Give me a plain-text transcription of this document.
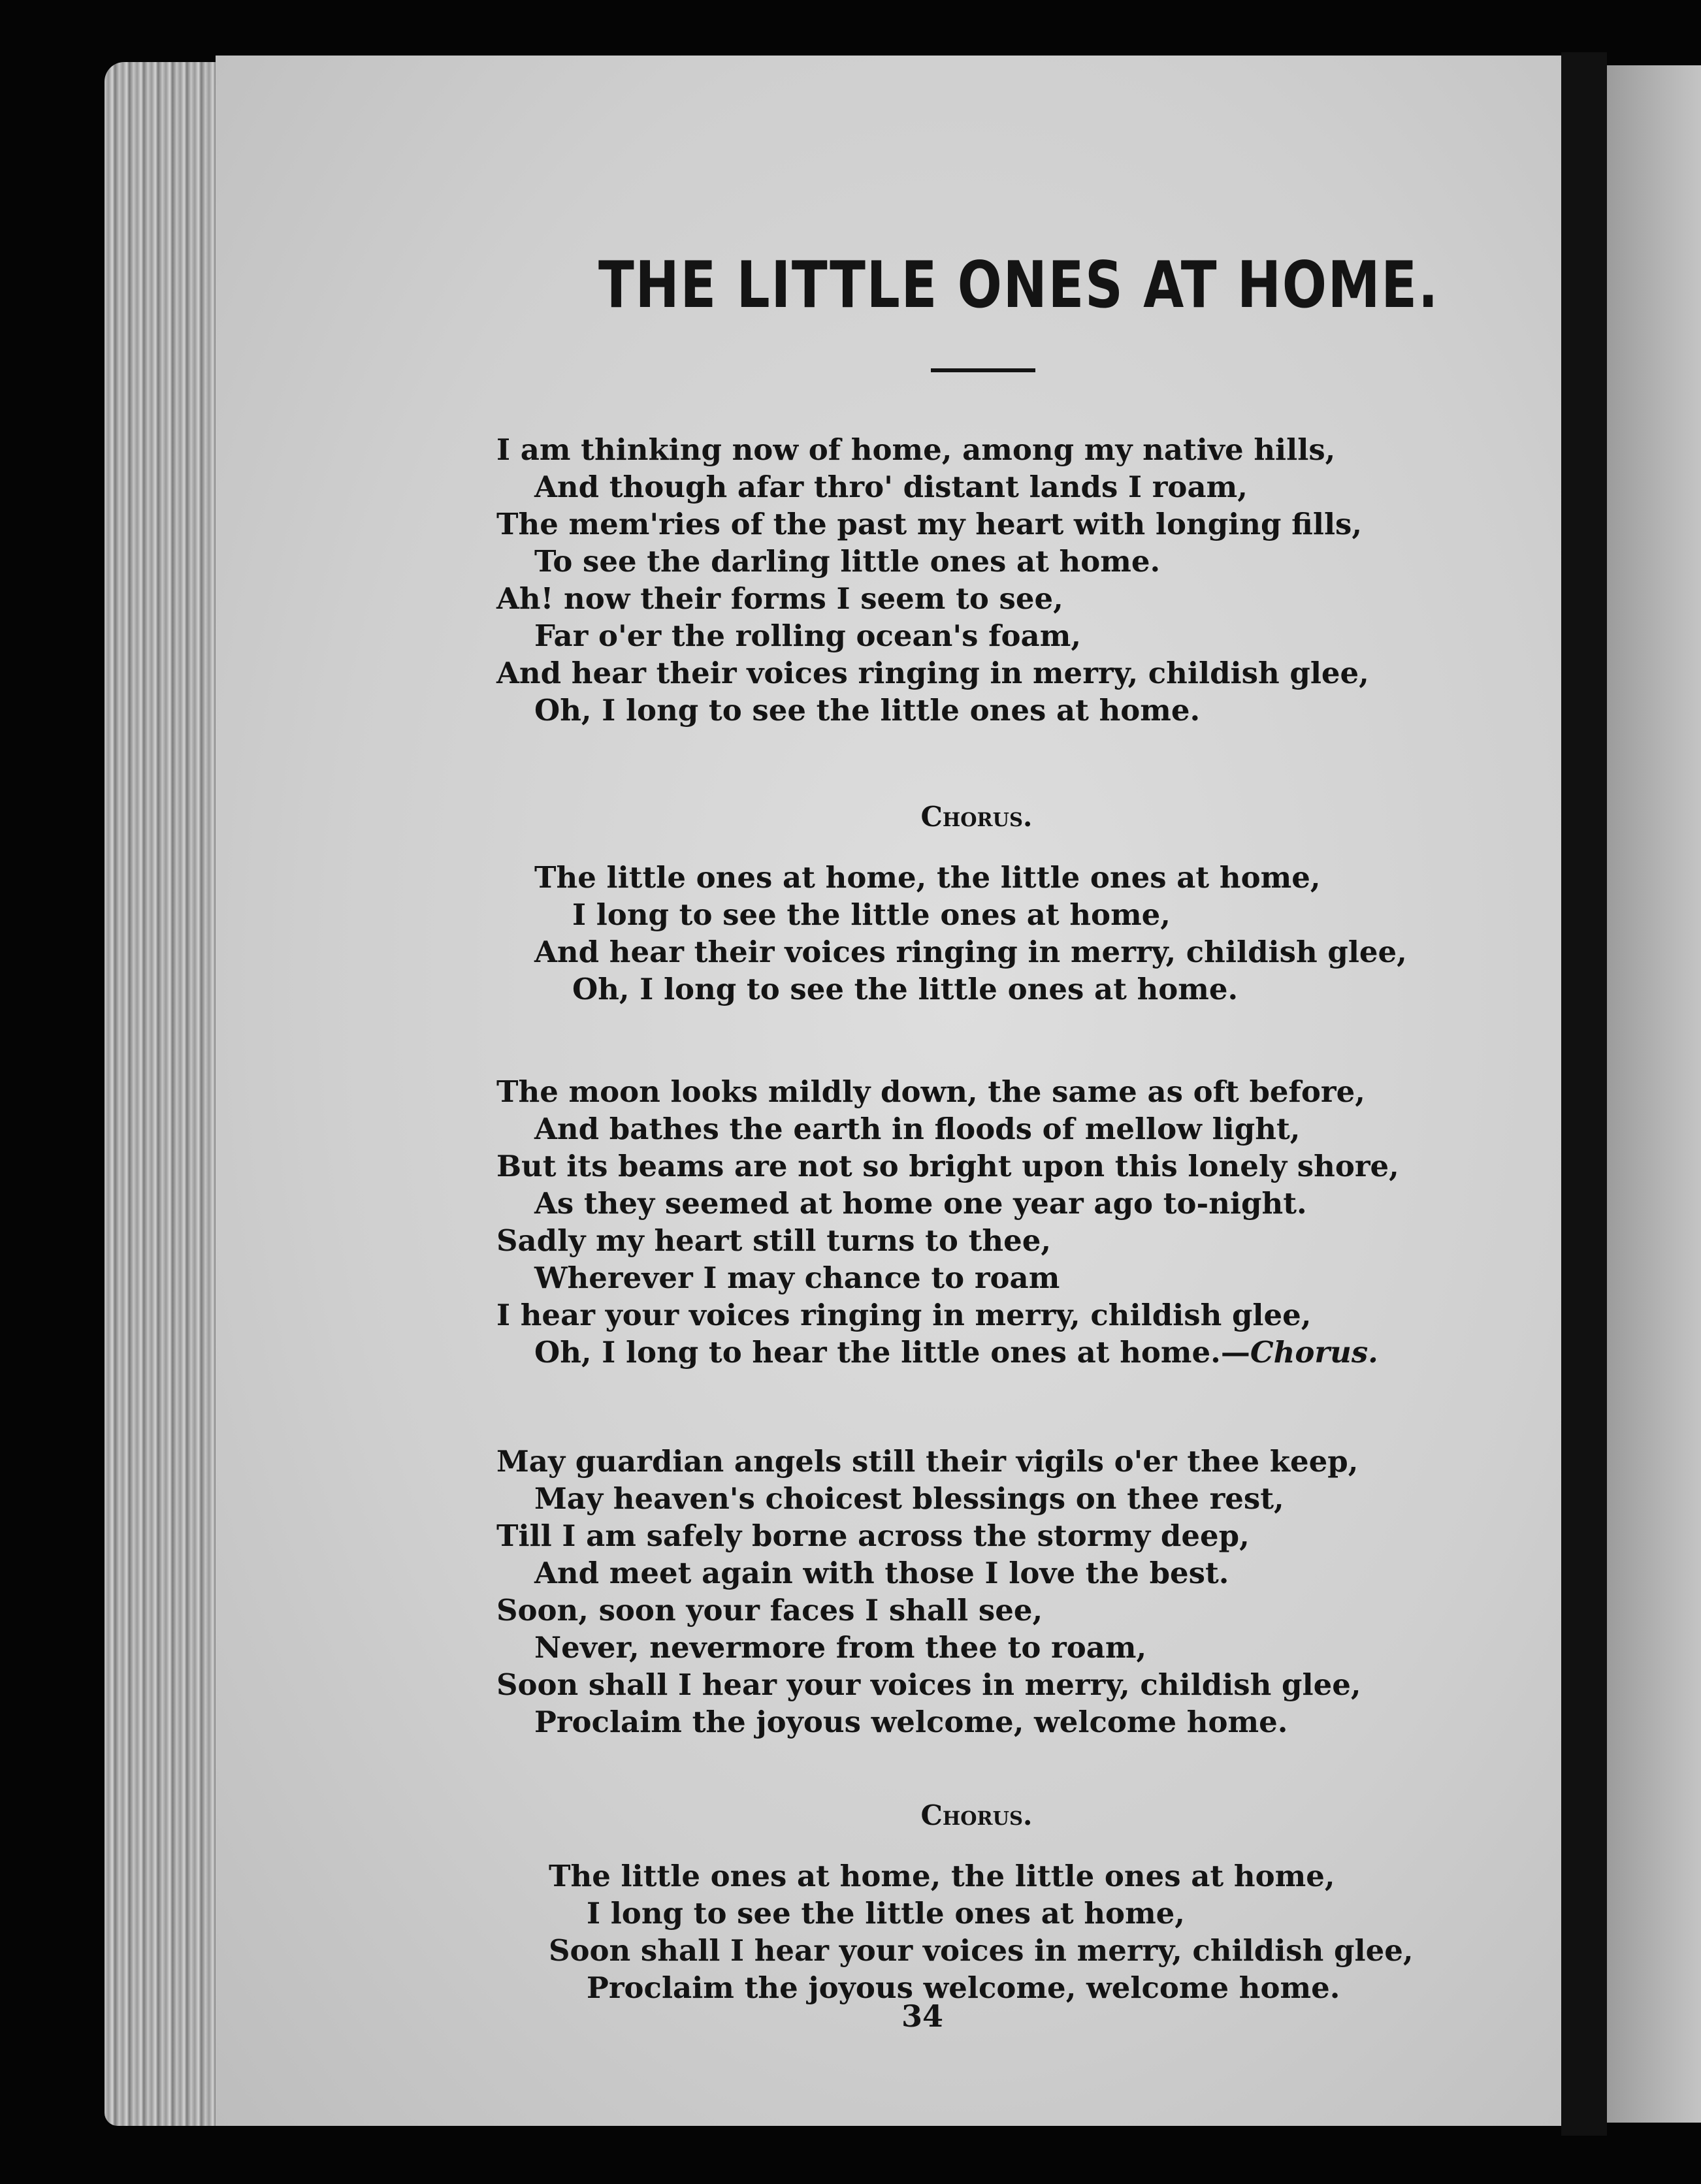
THE LITTLE ONES AT HOME.
I am thinking now of home, among my native hills,
And though afar thro' distant lands I roam,
The mem'ries of the past my heart with longing fills,
To see the darling little ones at home.
Ah! now their forms I seem to see,
Far o'er the rolling ocean's foam,
And hear their voices ringing in merry, childish glee,
Oh, I long to see the little ones at home.
Chorus.
The little ones at home, the little ones at home,
I long to see the little ones at home,
And hear their voices ringing in merry, childish glee,
Oh, I long to see the little ones at home.
The moon looks mildly down, the same as oft before,
And bathes the earth in floods of mellow light,
But its beams are not so bright upon this lonely shore,
As they seemed at home one year ago to-night.
Sadly my heart still turns to thee,
Wherever I may chance to roam
I hear your voices ringing in merry, childish glee,
Oh, I long to hear the little ones at home.—Chorus.
May guardian angels still their vigils o'er thee keep,
May heaven's choicest blessings on thee rest,
Till I am safely borne across the stormy deep,
And meet again with those I love the best.
Soon, soon your faces I shall see,
Never, nevermore from thee to roam,
Soon shall I hear your voices in merry, childish glee,
Proclaim the joyous welcome, welcome home.
Chorus.
The little ones at home, the little ones at home,
I long to see the little ones at home,
Soon shall I hear your voices in merry, childish glee,
Proclaim the joyous welcome, welcome home.
34
